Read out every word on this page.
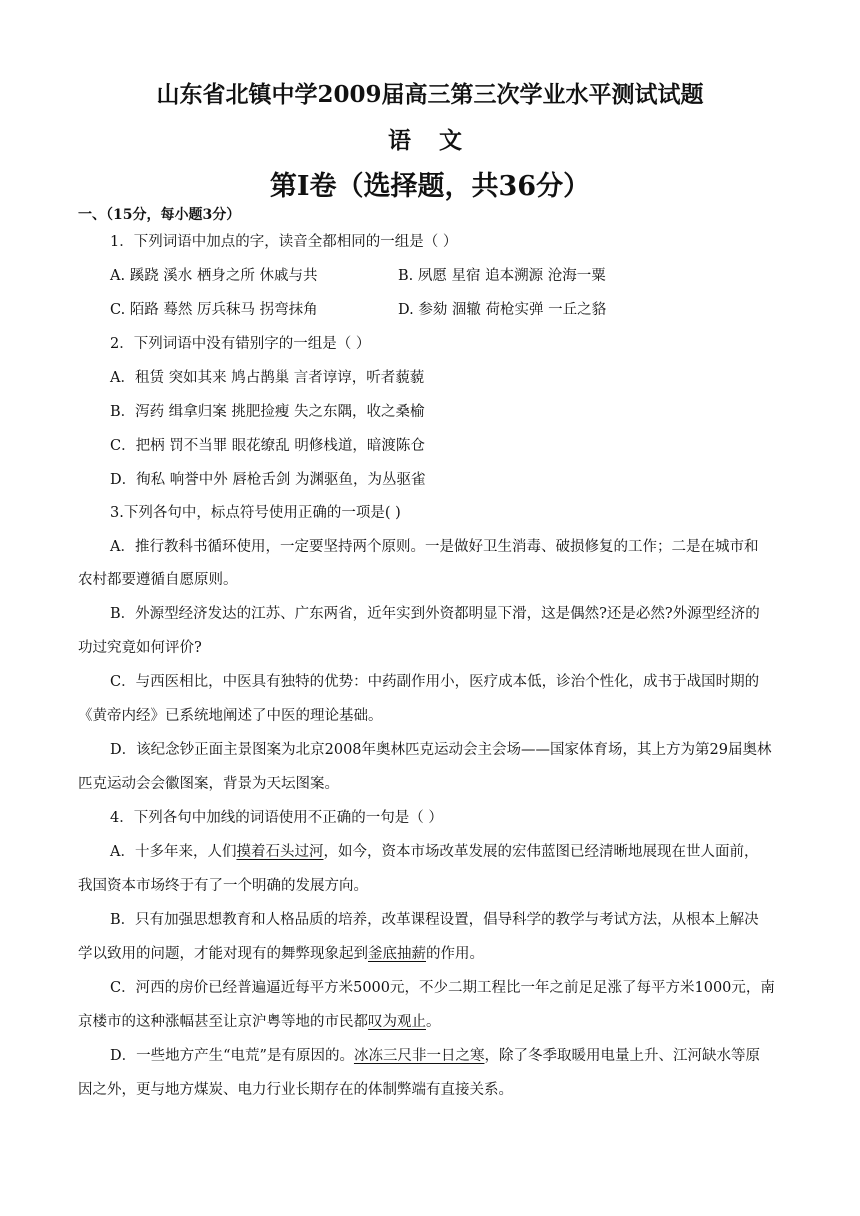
山东省北镇中学2009届高三第三次学业水平测试试题
语 文
第Ⅰ卷（选择题，共36分）
一、（15分，每小题3分）
1．下列词语中加点的字，读音全都相同的一组是（ ）
A. 蹊跷 溪水 栖身之所 休戚与共	B. 夙愿 星宿 追本溯源 沧海一粟
C. 陌路 蓦然 厉兵秣马 拐弯抹角	D. 参劾 涸辙 荷枪实弹 一丘之貉
2．下列词语中没有错别字的一组是（ ）
A．租赁 突如其来 鸠占鹊巢 言者谆谆，听者藐藐
B．泻药 缉拿归案 挑肥捡瘦 失之东隅，收之桑榆
C．把柄 罚不当罪 眼花缭乱 明修栈道，暗渡陈仓
D．徇私 响誉中外 唇枪舌剑 为渊驱鱼，为丛驱雀
3.下列各句中，标点符号使用正确的一项是( )
A．推行教科书循环使用，一定要坚持两个原则。一是做好卫生消毒、破损修复的工作；二是在城市和
农村都要遵循自愿原则。
B．外源型经济发达的江苏、广东两省，近年实到外资都明显下滑，这是偶然?还是必然?外源型经济的
功过究竟如何评价?
C．与西医相比，中医具有独特的优势：中药副作用小，医疗成本低，诊治个性化，成书于战国时期的
《黄帝内经》已系统地阐述了中医的理论基础。
D．该纪念钞正面主景图案为北京2008年奥林匹克运动会主会场——国家体育场，其上方为第29届奥林
匹克运动会会徽图案，背景为天坛图案。
4．下列各句中加线的词语使用不正确的一句是（ ）
A．十多年来，人们摸着石头过河，如今，资本市场改革发展的宏伟蓝图已经清晰地展现在世人面前，
我国资本市场终于有了一个明确的发展方向。
B．只有加强思想教育和人格品质的培养，改革课程设置，倡导科学的教学与考试方法，从根本上解决
学以致用的问题，才能对现有的舞弊现象起到釜底抽薪的作用。
C．河西的房价已经普遍逼近每平方米5000元，不少二期工程比一年之前足足涨了每平方米1000元，南
京楼市的这种涨幅甚至让京沪粤等地的市民都叹为观止。
D．一些地方产生“电荒”是有原因的。冰冻三尺非一日之寒，除了冬季取暖用电量上升、江河缺水等原
因之外，更与地方煤炭、电力行业长期存在的体制弊端有直接关系。
